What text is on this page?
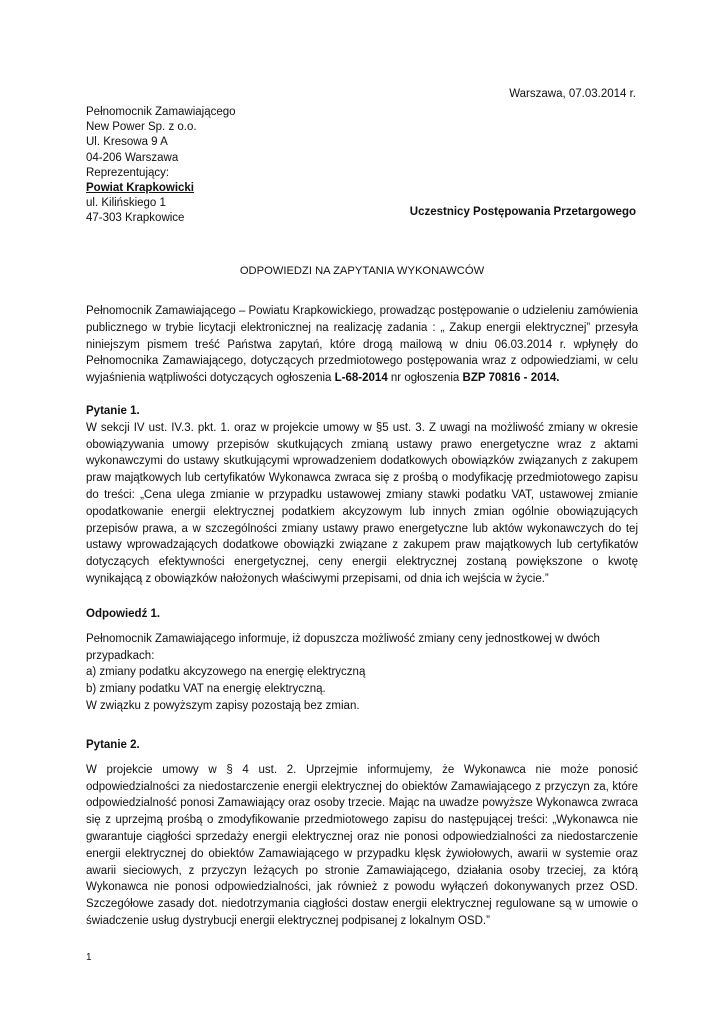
Warszawa, 07.03.2014 r.
Pełnomocnik Zamawiającego
New Power Sp. z o.o.
Ul. Kresowa 9 A
04-206 Warszawa
Reprezentujący:
Powiat Krapkowicki
ul. Kilińskiego 1
47-303 Krapkowice
Uczestnicy Postępowania Przetargowego
ODPOWIEDZI NA ZAPYTANIA WYKONAWCÓW

Pełnomocnik Zamawiającego – Powiatu Krapkowickiego, prowadząc postępowanie o udzieleniu zamówienia publicznego w trybie licytacji elektronicznej na realizację zadania : „ Zakup energii elektrycznej” przesyła niniejszym pismem treść Państwa zapytań, które drogą mailową w dniu 06.03.2014 r. wpłynęły do Pełnomocnika Zamawiającego, dotyczących przedmiotowego postępowania wraz z odpowiedziami, w celu wyjaśnienia wątpliwości dotyczących ogłoszenia L-68-2014 nr ogłoszenia BZP 70816 - 2014.

Pytanie 1.

W sekcji IV ust. IV.3. pkt. 1. oraz w projekcie umowy w §5 ust. 3. Z uwagi na możliwość zmiany w okresie obowiązywania umowy przepisów skutkujących zmianą ustawy prawo energetyczne wraz z aktami wykonawczymi do ustawy skutkującymi wprowadzeniem dodatkowych obowiązków związanych z zakupem praw majątkowych lub certyfikatów Wykonawca zwraca się z prośbą o modyfikację przedmiotowego zapisu do treści: „Cena ulega zmianie w przypadku ustawowej zmiany stawki podatku VAT, ustawowej zmianie opodatkowanie energii elektrycznej podatkiem akcyzowym lub innych zmian ogólnie obowiązujących przepisów prawa, a w szczególności zmiany ustawy prawo energetyczne lub aktów wykonawczych do tej ustawy wprowadzających dodatkowe obowiązki związane z zakupem praw majątkowych lub certyfikatów dotyczących efektywności energetycznej, ceny energii elektrycznej zostaną powiększone o kwotę wynikającą z obowiązków nałożonych właściwymi przepisami, od dnia ich wejścia w życie.”

Odpowiedź 1.

Pełnomocnik Zamawiającego informuje, iż dopuszcza możliwość zmiany ceny jednostkowej w dwóch
przypadkach:
a) zmiany podatku akcyzowego na energię elektryczną
b) zmiany podatku VAT na energię elektryczną.
W związku z powyższym zapisy pozostają bez zmian.

Pytanie 2.

W projekcie umowy w § 4 ust. 2. Uprzejmie informujemy, że Wykonawca nie może ponosić odpowiedzialności za niedostarczenie energii elektrycznej do obiektów Zamawiającego z przyczyn za, które odpowiedzialność ponosi Zamawiający oraz osoby trzecie. Mając na uwadze powyższe Wykonawca zwraca się z uprzejmą prośbą o zmodyfikowanie przedmiotowego zapisu do następującej treści: „Wykonawca nie gwarantuje ciągłości sprzedaży energii elektrycznej oraz nie ponosi odpowiedzialności za niedostarczenie energii elektrycznej do obiektów Zamawiającego w przypadku klęsk żywiołowych, awarii w systemie oraz awarii sieciowych, z przyczyn leżących po stronie Zamawiającego, działania osoby trzeciej, za którą Wykonawca nie ponosi odpowiedzialności, jak również z powodu wyłączeń dokonywanych przez OSD. Szczegółowe zasady dot. niedotrzymania ciągłości dostaw energii elektrycznej regulowane są w umowie o świadczenie usług dystrybucji energii elektrycznej podpisanej z lokalnym OSD.”

1
